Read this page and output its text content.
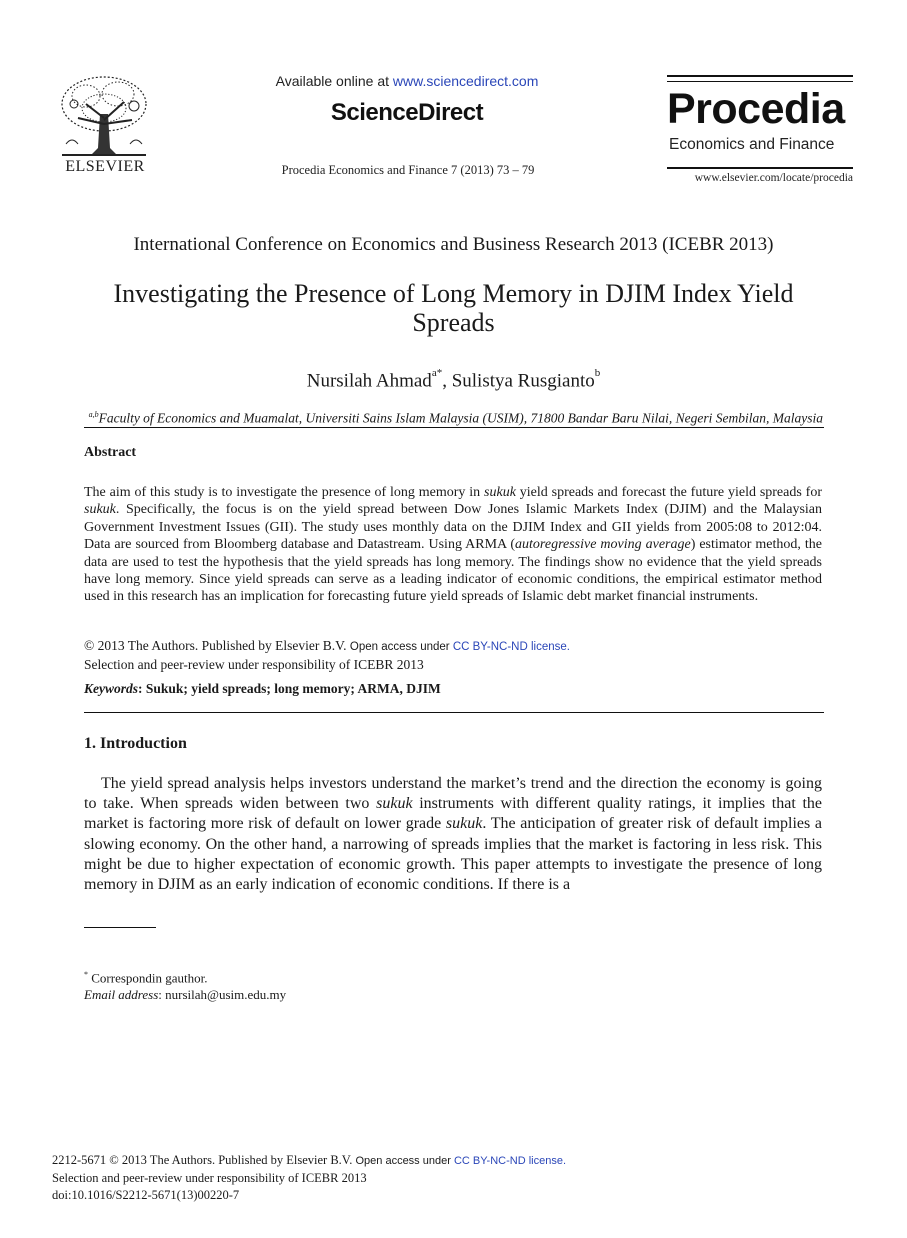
ELSEVIER
Available online at www.sciencedirect.com
ScienceDirect
Procedia Economics and Finance 7 (2013) 73 – 79
Procedia
Economics and Finance
www.elsevier.com/locate/procedia
International Conference on Economics and Business Research 2013 (ICEBR 2013)
Investigating the Presence of Long Memory in DJIM Index Yield
Spreads
Nursilah Ahmad$^{a*}$, Sulistya Rusgianto$^b$
$^{a,b}$Faculty of Economics and Muamalat, Universiti Sains Islam Malaysia (USIM), 71800 Bandar Baru Nilai, Negeri Sembilan, Malaysia
Abstract
The aim of this study is to investigate the presence of long memory in sukuk yield spreads and forecast the future yield spreads for sukuk. Specifically, the focus is on the yield spread between Dow Jones Islamic Markets Index (DJIM) and the Malaysian Government Investment Issues (GII). The study uses monthly data on the DJIM Index and GII yields from 2005:08 to 2012:04. Data are sourced from Bloomberg database and Datastream. Using ARMA (autoregressive moving average) estimator method, the data are used to test the hypothesis that the yield spreads has long memory. The findings show no evidence that the yield spreads have long memory. Since yield spreads can serve as a leading indicator of economic conditions, the empirical estimator method used in this research has an implication for forecasting future yield spreads of Islamic debt market financial instruments.
© 2013 The Authors. Published by Elsevier B.V. Open access under CC BY-NC-ND license.
Selection and peer-review under responsibility of ICEBR 2013
Keywords: Sukuk; yield spreads; long memory; ARMA, DJIM
1. Introduction
The yield spread analysis helps investors understand the market’s trend and the direction the economy is going to take. When spreads widen between two sukuk instruments with different quality ratings, it implies that the market is factoring more risk of default on lower grade sukuk. The anticipation of greater risk of default implies a slowing economy. On the other hand, a narrowing of spreads implies that the market is factoring in less risk. This might be due to higher expectation of economic growth. This paper attempts to investigate the presence of long memory in DJIM as an early indication of economic conditions. If there is a
* Correspondin gauthor.
Email address: nursilah@usim.edu.my
2212-5671 © 2013 The Authors. Published by Elsevier B.V. Open access under CC BY-NC-ND license.
Selection and peer-review under responsibility of ICEBR 2013
doi:10.1016/S2212-5671(13)00220-7
